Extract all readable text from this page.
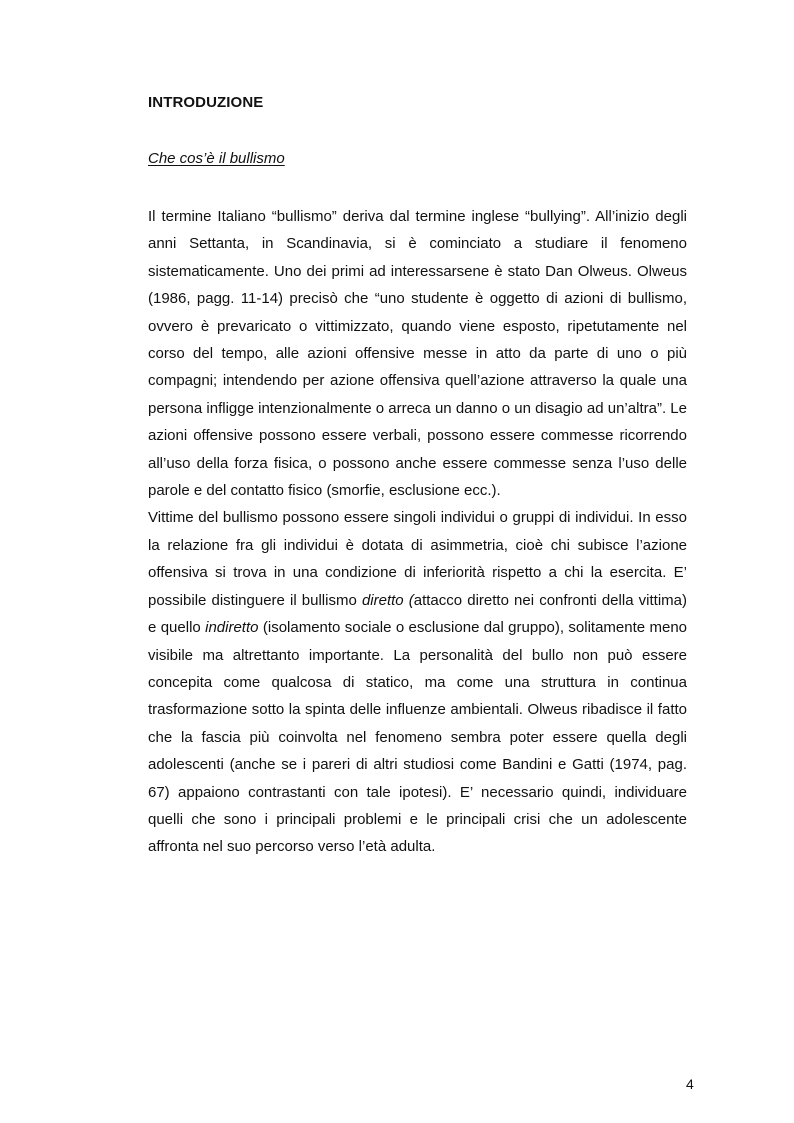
INTRODUZIONE
Che cos’è il bullismo

Il termine Italiano “bullismo” deriva dal termine inglese “bullying”. All’inizio degli anni Settanta, in Scandinavia, si è cominciato a studiare il fenomeno sistematicamente. Uno dei primi ad interessarsene è stato Dan Olweus. Olweus (1986, pagg. 11-14) precisò che “uno studente è oggetto di azioni di bullismo, ovvero è prevaricato o vittimizzato, quando viene esposto, ripetutamente nel corso del tempo, alle azioni offensive messe in atto da parte di uno o più compagni; intendendo per azione offensiva quell’azione attraverso la quale una persona infligge intenzionalmente o arreca un danno o un disagio ad un’altra”. Le azioni offensive possono essere verbali, possono essere commesse ricorrendo all’uso della forza fisica, o possono anche essere commesse senza l’uso delle parole e del contatto fisico (smorfie, esclusione ecc.).

Vittime del bullismo possono essere singoli individui o gruppi di individui. In esso la relazione fra gli individui è dotata di asimmetria, cioè chi subisce l’azione offensiva si trova in una condizione di inferiorità rispetto a chi la esercita. E’ possibile distinguere il bullismo diretto (attacco diretto nei confronti della vittima) e quello indiretto (isolamento sociale o esclusione dal gruppo), solitamente meno visibile ma altrettanto importante. La personalità del bullo non può essere concepita come qualcosa di statico, ma come una struttura in continua trasformazione sotto la spinta delle influenze ambientali. Olweus ribadisce il fatto che la fascia più coinvolta nel fenomeno sembra poter essere quella degli adolescenti (anche se i pareri di altri studiosi come Bandini e Gatti (1974, pag. 67) appaiono contrastanti con tale ipotesi). E’ necessario quindi, individuare quelli che sono i principali problemi e le principali crisi che un adolescente affronta nel suo percorso verso l’età adulta.

4
